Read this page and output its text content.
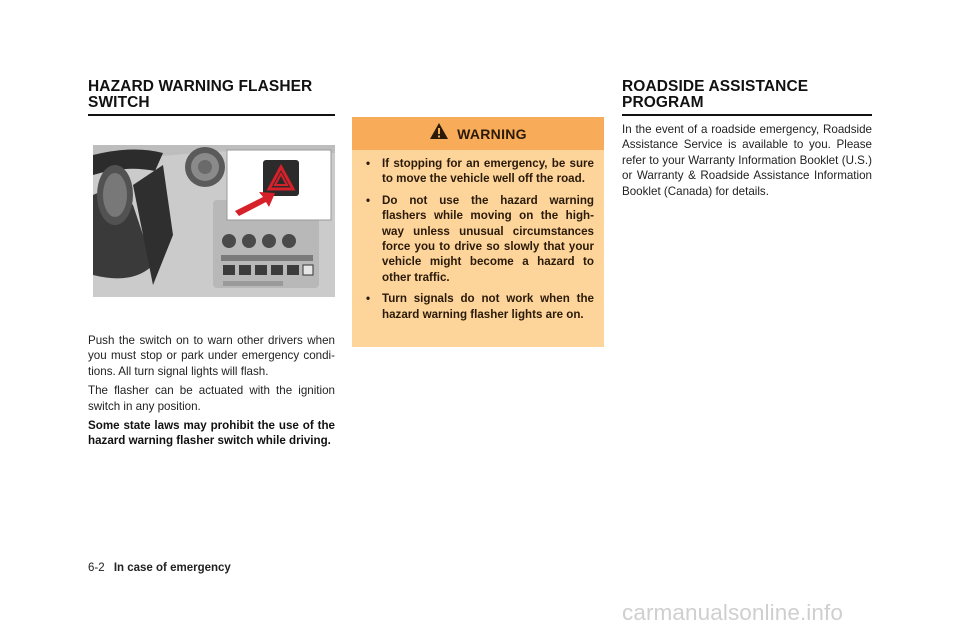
HAZARD WARNING FLASHER
SWITCH

Push the switch on to warn other drivers when you must stop or park under emergency condi-tions. All turn signal lights will flash.

The flasher can be actuated with the ignition switch in any position.

Some state laws may prohibit the use of the hazard warning flasher switch while driving.

WARNING
• If stopping for an emergency, be sure to move the vehicle well off the road.
• Do not use the hazard warning flashers while moving on the high-way unless unusual circumstances force you to drive so slowly that your vehicle might become a hazard to other traffic.
• Turn signals do not work when the hazard warning flasher lights are on.
ROADSIDE ASSISTANCE
PROGRAM

In the event of a roadside emergency, Roadside Assistance Service is available to you. Please refer to your Warranty Information Booklet (U.S.) or Warranty & Roadside Assistance Information Booklet (Canada) for details.

6-2 In case of emergency
carmanualsonline.info
